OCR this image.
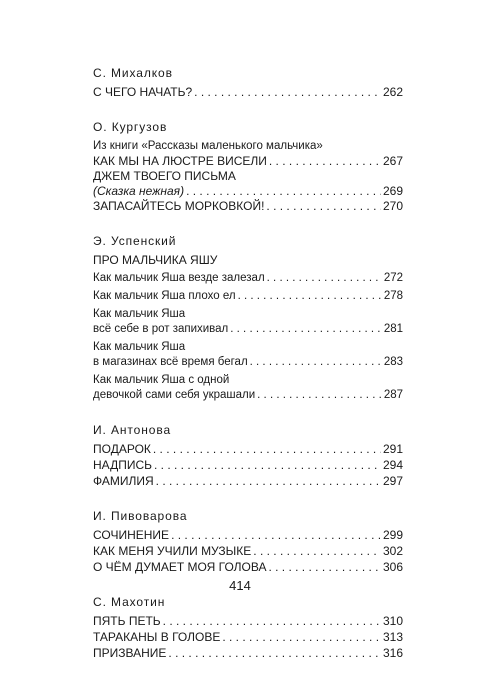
С. Михалков
С ЧЕГО НАЧАТЬ? . . .	262
О. Кургузов
Из книги «Рассказы маленького мальчика»
КАК МЫ НА ЛЮСТРЕ ВИСЕЛИ . . .	267
ДЖЕМ ТВОЕГО ПИСЬМА
(Сказка нежная) . . .	269
ЗАПАСАЙТЕСЬ МОРКОВКОЙ! . . .	270
Э. Успенский
ПРО МАЛЬЧИКА ЯШУ
Как мальчик Яша везде залезал . . .	272
Как мальчик Яша плохо ел . . .	278
Как мальчик Яша
всё себе в рот запихивал . . .	281
Как мальчик Яша
в магазинах всё время бегал . . .	283
Как мальчик Яша с одной
девочкой сами себя украшали . . .	287
И. Антонова
ПОДАРОК . . .	291
НАДПИСЬ . . .	294
ФАМИЛИЯ . . .	297
И. Пивоварова
СОЧИНЕНИЕ . . .	299
КАК МЕНЯ УЧИЛИ МУЗЫКЕ . . .	302
О ЧЁМ ДУМАЕТ МОЯ ГОЛОВА . . .	306
С. Махотин
ПЯТЬ ПЕТЬ . . .	310
ТАРАКАНЫ В ГОЛОВЕ . . .	313
ПРИЗВАНИЕ . . .	316
414
